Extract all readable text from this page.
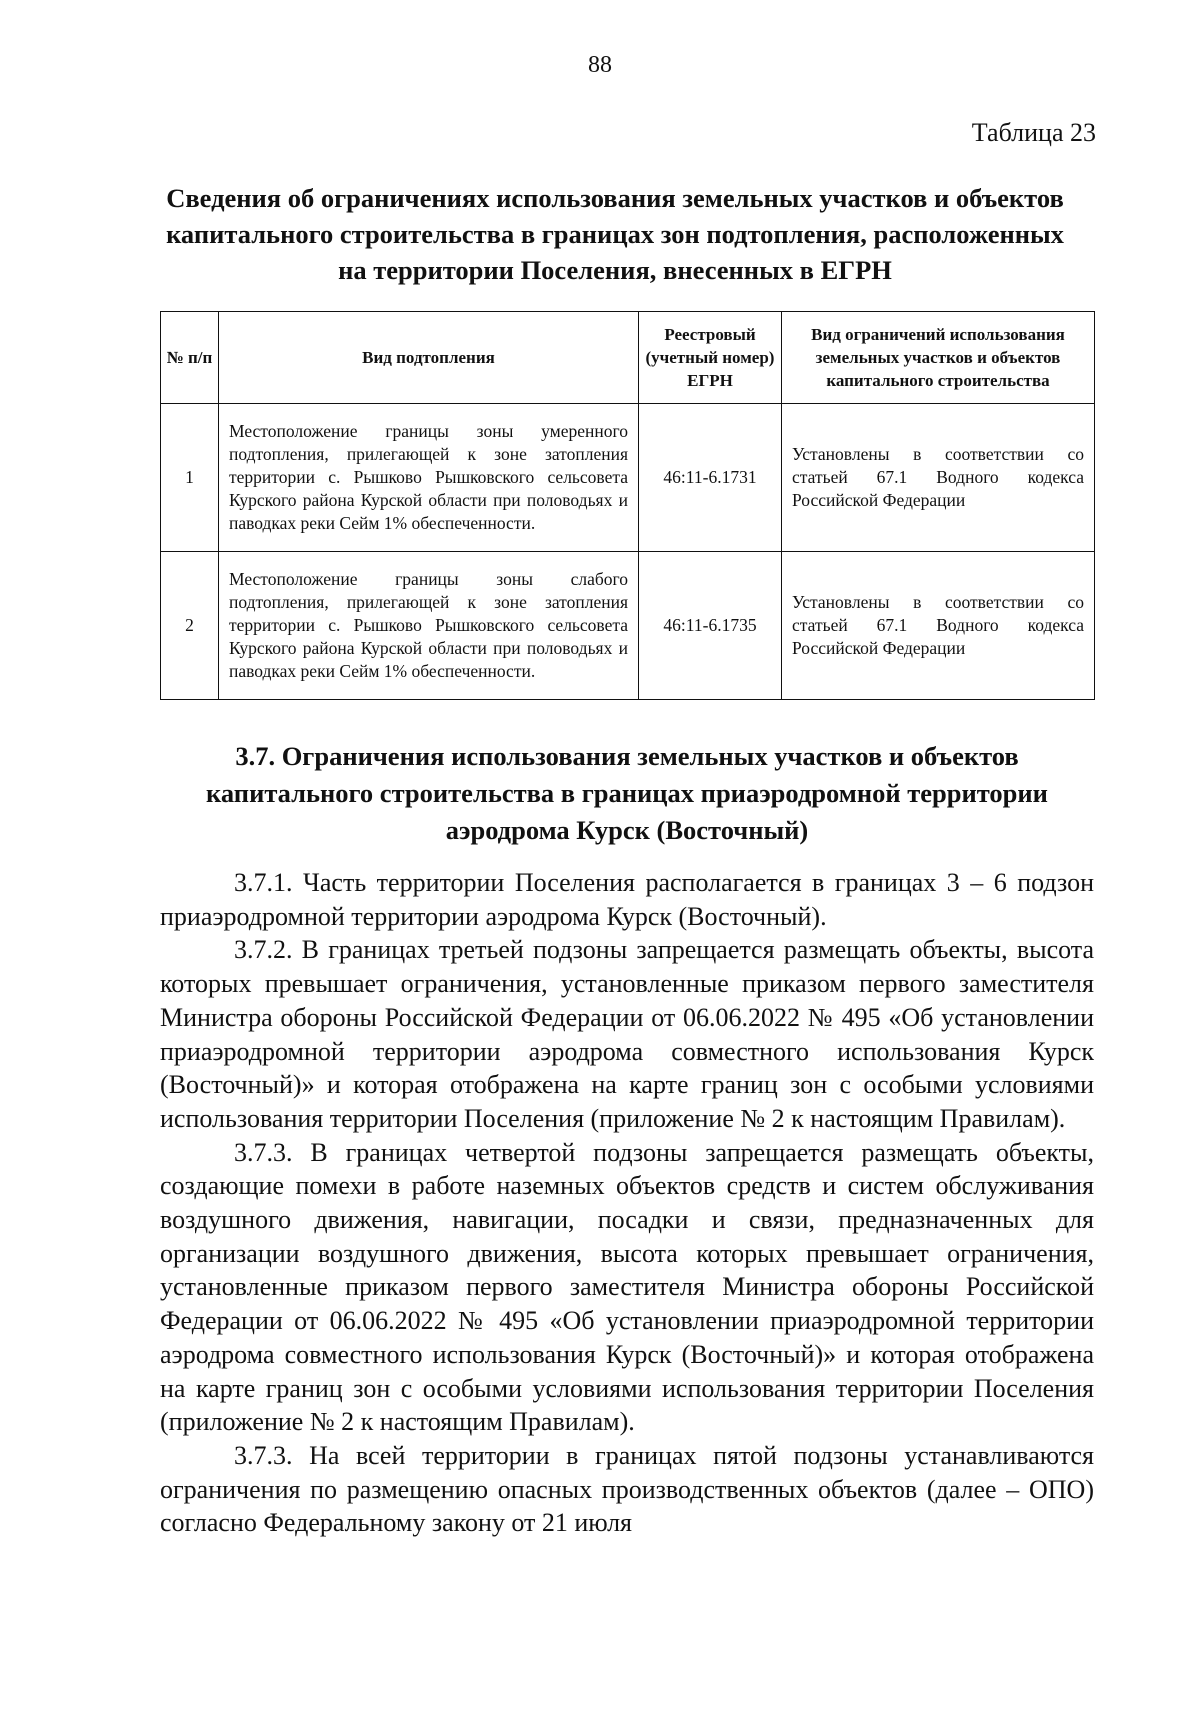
88
Таблица 23
Сведения об ограничениях использования земельных участков и объектов капитального строительства в границах зон подтопления, расположенных на территории Поселения, внесенных в ЕГРН
№ п/п	Вид подтопления	Реестровый (учетный номер) ЕГРН	Вид ограничений использования земельных участков и объектов капитального строительства
1	Местоположение границы зоны умеренного подтопления, прилегающей к зоне затопления территории с. Рышково Рышковского сельсовета Курского района Курской области при половодьях и паводках реки Сейм 1% обеспеченности.	46:11-6.1731	Установлены в соответствии со статьей 67.1 Водного кодекса Российской Федерации
2	Местоположение границы зоны слабого подтопления, прилегающей к зоне затопления территории с. Рышково Рышковского сельсовета Курского района Курской области при половодьях и паводках реки Сейм 1% обеспеченности.	46:11-6.1735	Установлены в соответствии со статьей 67.1 Водного кодекса Российской Федерации
3.7. Ограничения использования земельных участков и объектов капитального строительства в границах приаэродромной территории аэродрома Курск (Восточный)

3.7.1. Часть территории Поселения располагается в границах 3 – 6 подзон приаэродромной территории аэродрома Курск (Восточный).

3.7.2. В границах третьей подзоны запрещается размещать объекты, высота которых превышает ограничения, установленные приказом первого заместителя Министра обороны Российской Федерации от 06.06.2022 № 495 «Об установлении приаэродромной территории аэродрома совместного использования Курск (Восточный)» и которая отображена на карте границ зон с особыми условиями использования территории Поселения (приложение № 2 к настоящим Правилам).

3.7.3. В границах четвертой подзоны запрещается размещать объекты, создающие помехи в работе наземных объектов средств и систем обслуживания воздушного движения, навигации, посадки и связи, предназначенных для организации воздушного движения, высота которых превышает ограничения, установленные приказом первого заместителя Министра обороны Российской Федерации от 06.06.2022 № 495 «Об установлении приаэродромной территории аэродрома совместного использования Курск (Восточный)» и которая отображена на карте границ зон с особыми условиями использования территории Поселения (приложение № 2 к настоящим Правилам).

3.7.3. На всей территории в границах пятой подзоны устанавливаются ограничения по размещению опасных производственных объектов (далее – ОПО) согласно Федеральному закону от 21 июля
